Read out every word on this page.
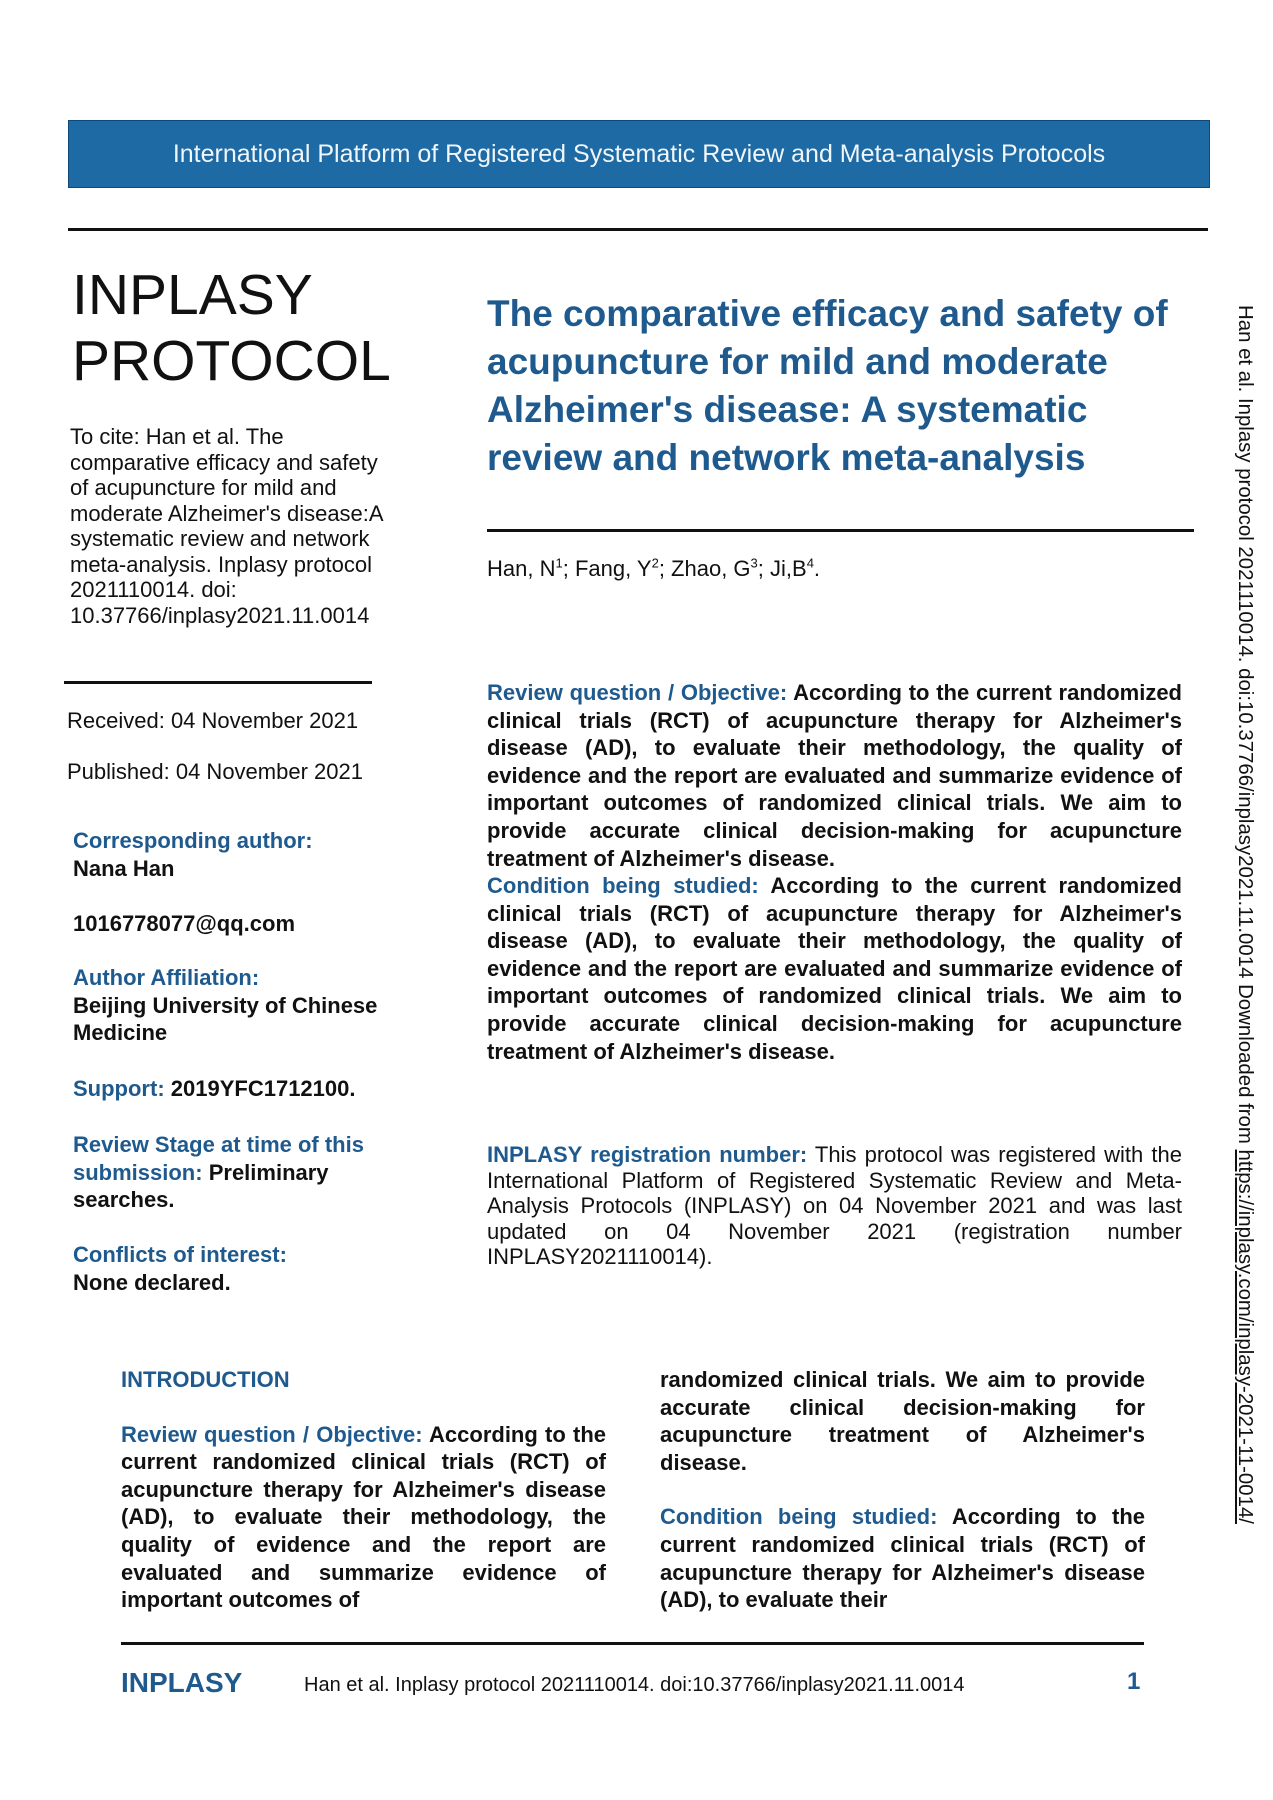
International Platform of Registered Systematic Review and Meta-analysis Protocols
INPLASY
PROTOCOL
To cite: Han et al. The comparative efficacy and safety of acupuncture for mild and moderate Alzheimer's disease:A systematic review and network meta-analysis. Inplasy protocol 2021110014. doi: 10.37766/inplasy2021.11.0014
Received: 04 November 2021
Published: 04 November 2021
Corresponding author:
Nana Han
1016778077@qq.com
Author Affiliation:
Beijing University of Chinese Medicine
Support: 2019YFC1712100.
Review Stage at time of this submission: Preliminary searches.
Conflicts of interest:
None declared.
The comparative efficacy and safety of acupuncture for mild and moderate Alzheimer's disease: A systematic review and network meta-analysis
Han, $N^1$; Fang, $Y^2$; Zhao, $G^3$; $Ji,B^4$.
Review question / Objective: According to the current randomized clinical trials (RCT) of acupuncture therapy for Alzheimer's disease (AD), to evaluate their methodology, the quality of evidence and the report are evaluated and summarize evidence of important outcomes of randomized clinical trials. We aim to provide accurate clinical decision-making for acupuncture treatment of Alzheimer's disease.
Condition being studied: According to the current randomized clinical trials (RCT) of acupuncture therapy for Alzheimer's disease (AD), to evaluate their methodology, the quality of evidence and the report are evaluated and summarize evidence of important outcomes of randomized clinical trials. We aim to provide accurate clinical decision-making for acupuncture treatment of Alzheimer's disease.
INPLASY registration number: This protocol was registered with the International Platform of Registered Systematic Review and Meta-Analysis Protocols (INPLASY) on 04 November 2021 and was last updated on 04 November 2021 (registration number INPLASY2021110014).
Han et al. Inplasy protocol 2021110014. doi:10.37766/inplasy2021.11.0014 Downloaded from https://inplasy.com/inplasy-2021-11-0014/
INTRODUCTION
Review question / Objective: According to the current randomized clinical trials (RCT) of acupuncture therapy for Alzheimer's disease (AD), to evaluate their methodology, the quality of evidence and the report are evaluated and summarize evidence of important outcomes of
randomized clinical trials. We aim to provide accurate clinical decision-making for acupuncture treatment of Alzheimer's disease.
Condition being studied: According to the current randomized clinical trials (RCT) of acupuncture therapy for Alzheimer's disease (AD), to evaluate their
INPLASY	Han et al. Inplasy protocol 2021110014. doi:10.37766/inplasy2021.11.0014	1
